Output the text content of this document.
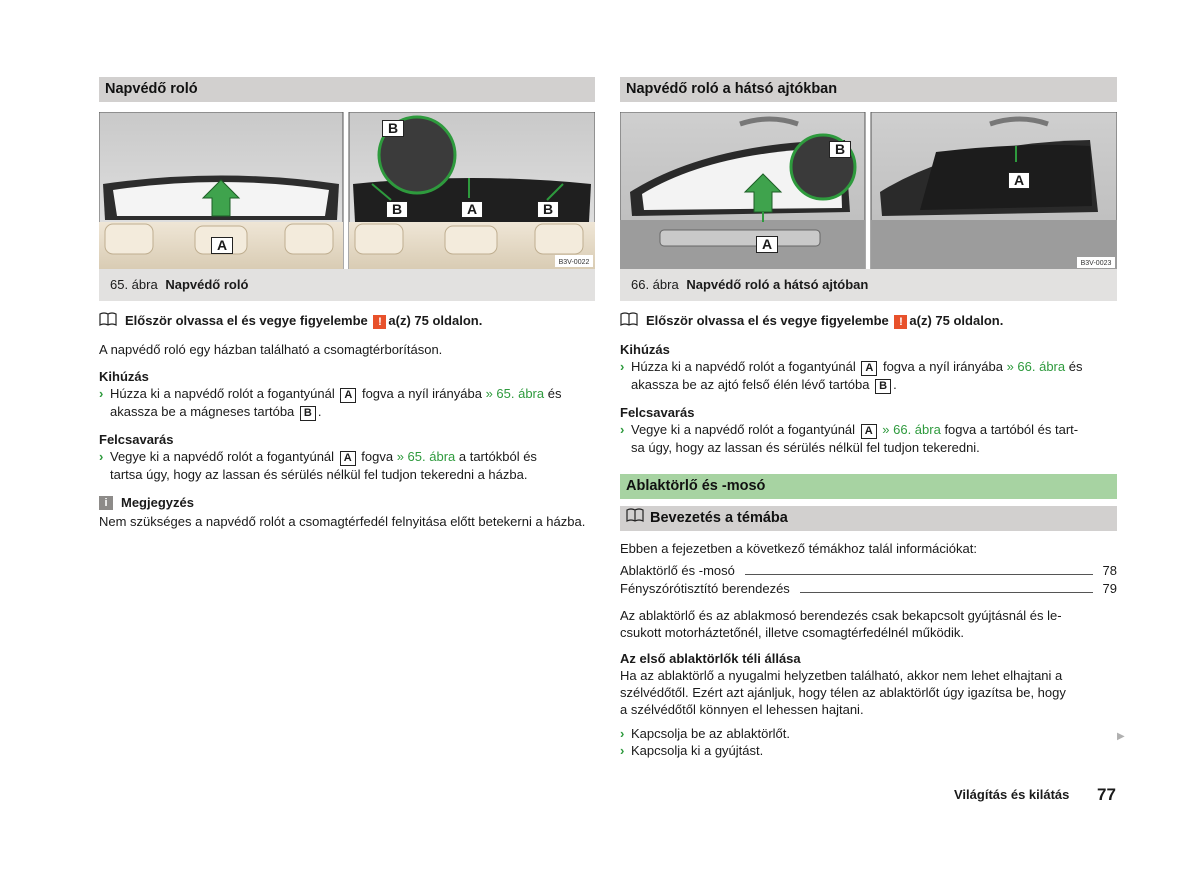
Napvédő roló
B3V-0022
A
B
B	A	B
65. ábra Napvédő roló
Először olvassa el és vegye figyelembe ! a(z) 75 oldalon.

A napvédő roló egy házban található a csomagtérborításon.

Kihúzás
› Húzza ki a napvédő rolót a fogantyúnál A fogva a nyíl irányába » 65. ábra és
akassza be a mágneses tartóba B .

Felcsavarás
› Vegye ki a napvédő rolót a fogantyúnál A fogva » 65. ábra a tartókból és
tartsa úgy, hogy az lassan és sérülés nélkül fel tudjon tekeredni a házba.

i	Megjegyzés

Nem szükséges a napvédő rolót a csomagtérfedél felnyitása előtt betekerni a házba.

Napvédő roló a hátsó ajtókban
B3V-0023
A
B
A
66. ábra Napvédő roló a hátsó ajtóban
Először olvassa el és vegye figyelembe ! a(z) 75 oldalon.
Kihúzás
› Húzza ki a napvédő rolót a fogantyúnál A fogva a nyíl irányába » 66. ábra és
akassza be az ajtó felső élén lévő tartóba B .

Felcsavarás
› Vegye ki a napvédő rolót a fogantyúnál A » 66. ábra fogva a tartóból és tart-
sa úgy, hogy az lassan és sérülés nélkül fel tudjon tekeredni.

Ablaktörlő és -mosó
Bevezetés a témába

Ebben a fejezetben a következő témákhoz talál információkat:

Ablaktörlő és -mosó	78
Fényszórótisztító berendezés	79

Az ablaktörlő és az ablakmosó berendezés csak bekapcsolt gyújtásnál és le-
csukott motorháztetőnél, illetve csomagtérfedélnél működik.

Az első ablaktörlők téli állása

Ha az ablaktörlő a nyugalmi helyzetben található, akkor nem lehet elhajtani a
szélvédőtől. Ezért azt ajánljuk, hogy télen az ablaktörlőt úgy igazítsa be, hogy
a szélvédőtől könnyen el lehessen hajtani.

› Kapcsolja be az ablaktörlőt.

› Kapcsolja ki a gyújtást.

▶
Világítás és kilátás 77
